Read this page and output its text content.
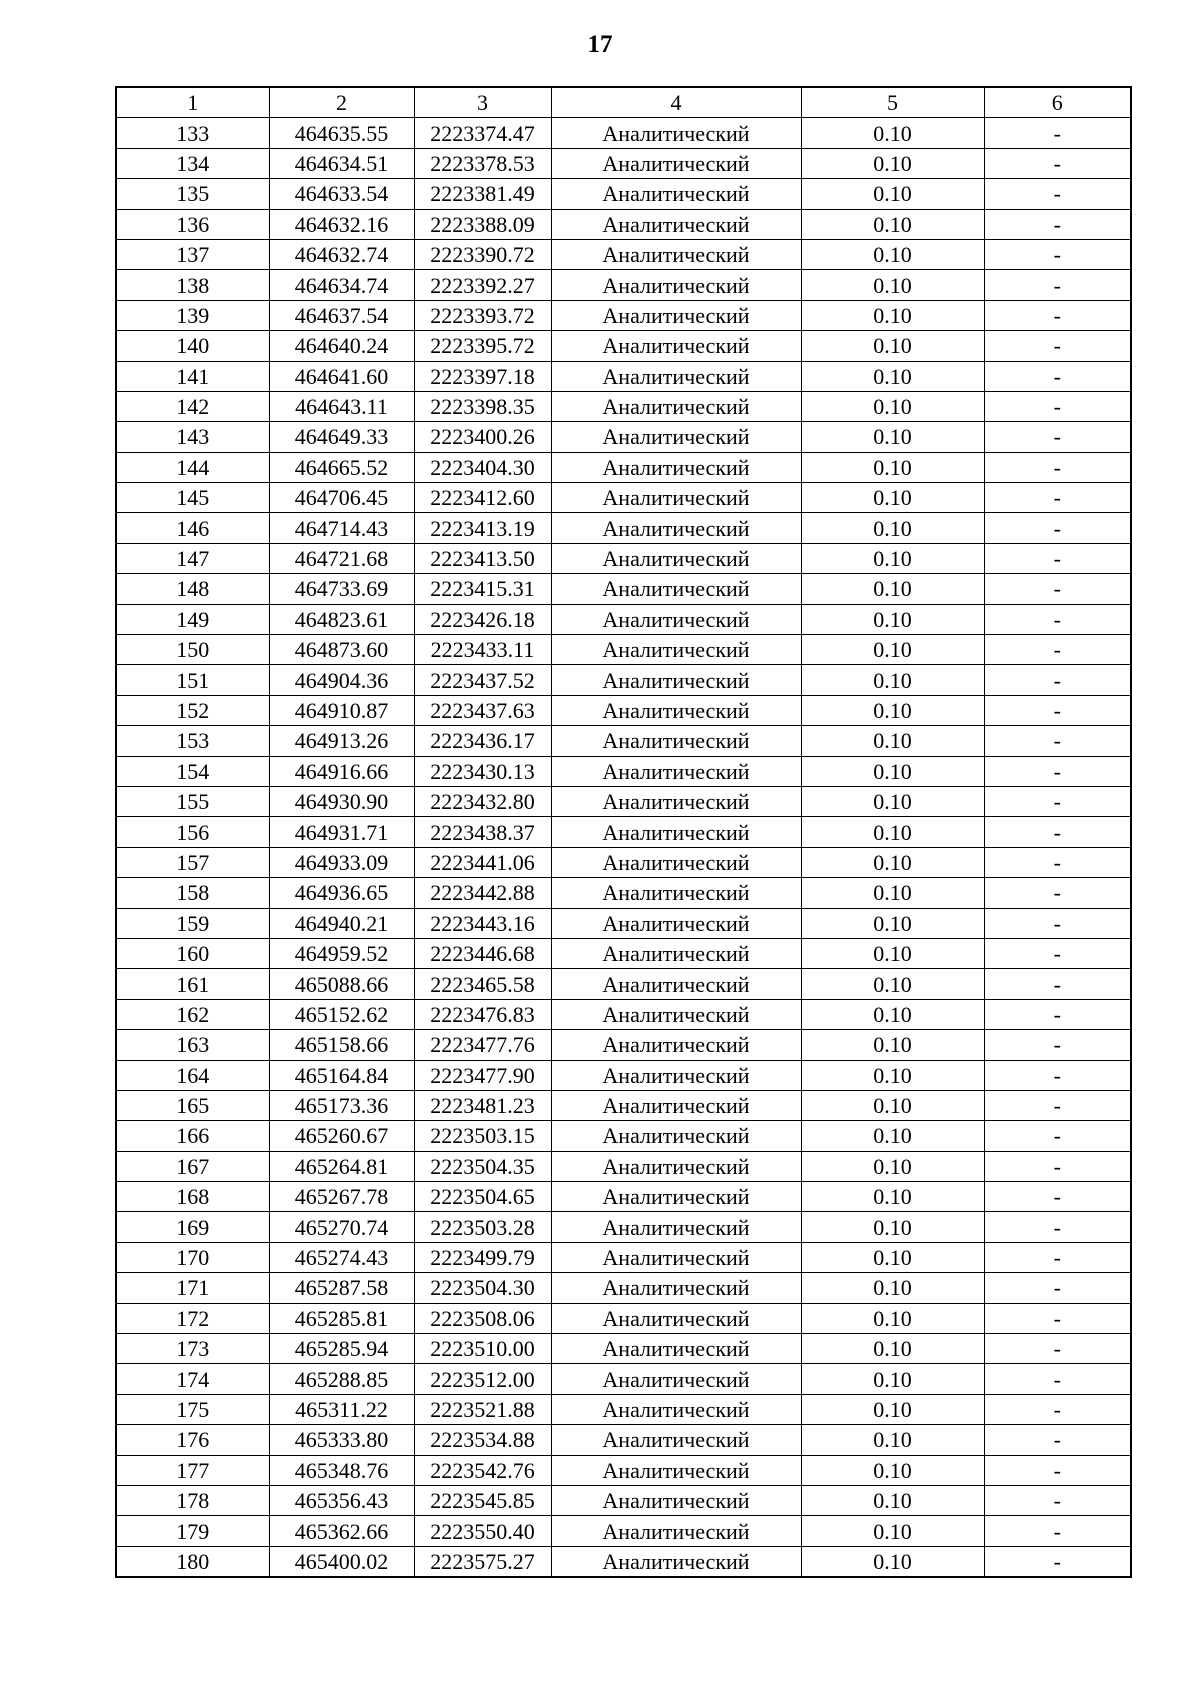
17
1	2	3	4	5	6
133	464635.55	2223374.47	Аналитический	0.10	-
134	464634.51	2223378.53	Аналитический	0.10	-
135	464633.54	2223381.49	Аналитический	0.10	-
136	464632.16	2223388.09	Аналитический	0.10	-
137	464632.74	2223390.72	Аналитический	0.10	-
138	464634.74	2223392.27	Аналитический	0.10	-
139	464637.54	2223393.72	Аналитический	0.10	-
140	464640.24	2223395.72	Аналитический	0.10	-
141	464641.60	2223397.18	Аналитический	0.10	-
142	464643.11	2223398.35	Аналитический	0.10	-
143	464649.33	2223400.26	Аналитический	0.10	-
144	464665.52	2223404.30	Аналитический	0.10	-
145	464706.45	2223412.60	Аналитический	0.10	-
146	464714.43	2223413.19	Аналитический	0.10	-
147	464721.68	2223413.50	Аналитический	0.10	-
148	464733.69	2223415.31	Аналитический	0.10	-
149	464823.61	2223426.18	Аналитический	0.10	-
150	464873.60	2223433.11	Аналитический	0.10	-
151	464904.36	2223437.52	Аналитический	0.10	-
152	464910.87	2223437.63	Аналитический	0.10	-
153	464913.26	2223436.17	Аналитический	0.10	-
154	464916.66	2223430.13	Аналитический	0.10	-
155	464930.90	2223432.80	Аналитический	0.10	-
156	464931.71	2223438.37	Аналитический	0.10	-
157	464933.09	2223441.06	Аналитический	0.10	-
158	464936.65	2223442.88	Аналитический	0.10	-
159	464940.21	2223443.16	Аналитический	0.10	-
160	464959.52	2223446.68	Аналитический	0.10	-
161	465088.66	2223465.58	Аналитический	0.10	-
162	465152.62	2223476.83	Аналитический	0.10	-
163	465158.66	2223477.76	Аналитический	0.10	-
164	465164.84	2223477.90	Аналитический	0.10	-
165	465173.36	2223481.23	Аналитический	0.10	-
166	465260.67	2223503.15	Аналитический	0.10	-
167	465264.81	2223504.35	Аналитический	0.10	-
168	465267.78	2223504.65	Аналитический	0.10	-
169	465270.74	2223503.28	Аналитический	0.10	-
170	465274.43	2223499.79	Аналитический	0.10	-
171	465287.58	2223504.30	Аналитический	0.10	-
172	465285.81	2223508.06	Аналитический	0.10	-
173	465285.94	2223510.00	Аналитический	0.10	-
174	465288.85	2223512.00	Аналитический	0.10	-
175	465311.22	2223521.88	Аналитический	0.10	-
176	465333.80	2223534.88	Аналитический	0.10	-
177	465348.76	2223542.76	Аналитический	0.10	-
178	465356.43	2223545.85	Аналитический	0.10	-
179	465362.66	2223550.40	Аналитический	0.10	-
180	465400.02	2223575.27	Аналитический	0.10	-
